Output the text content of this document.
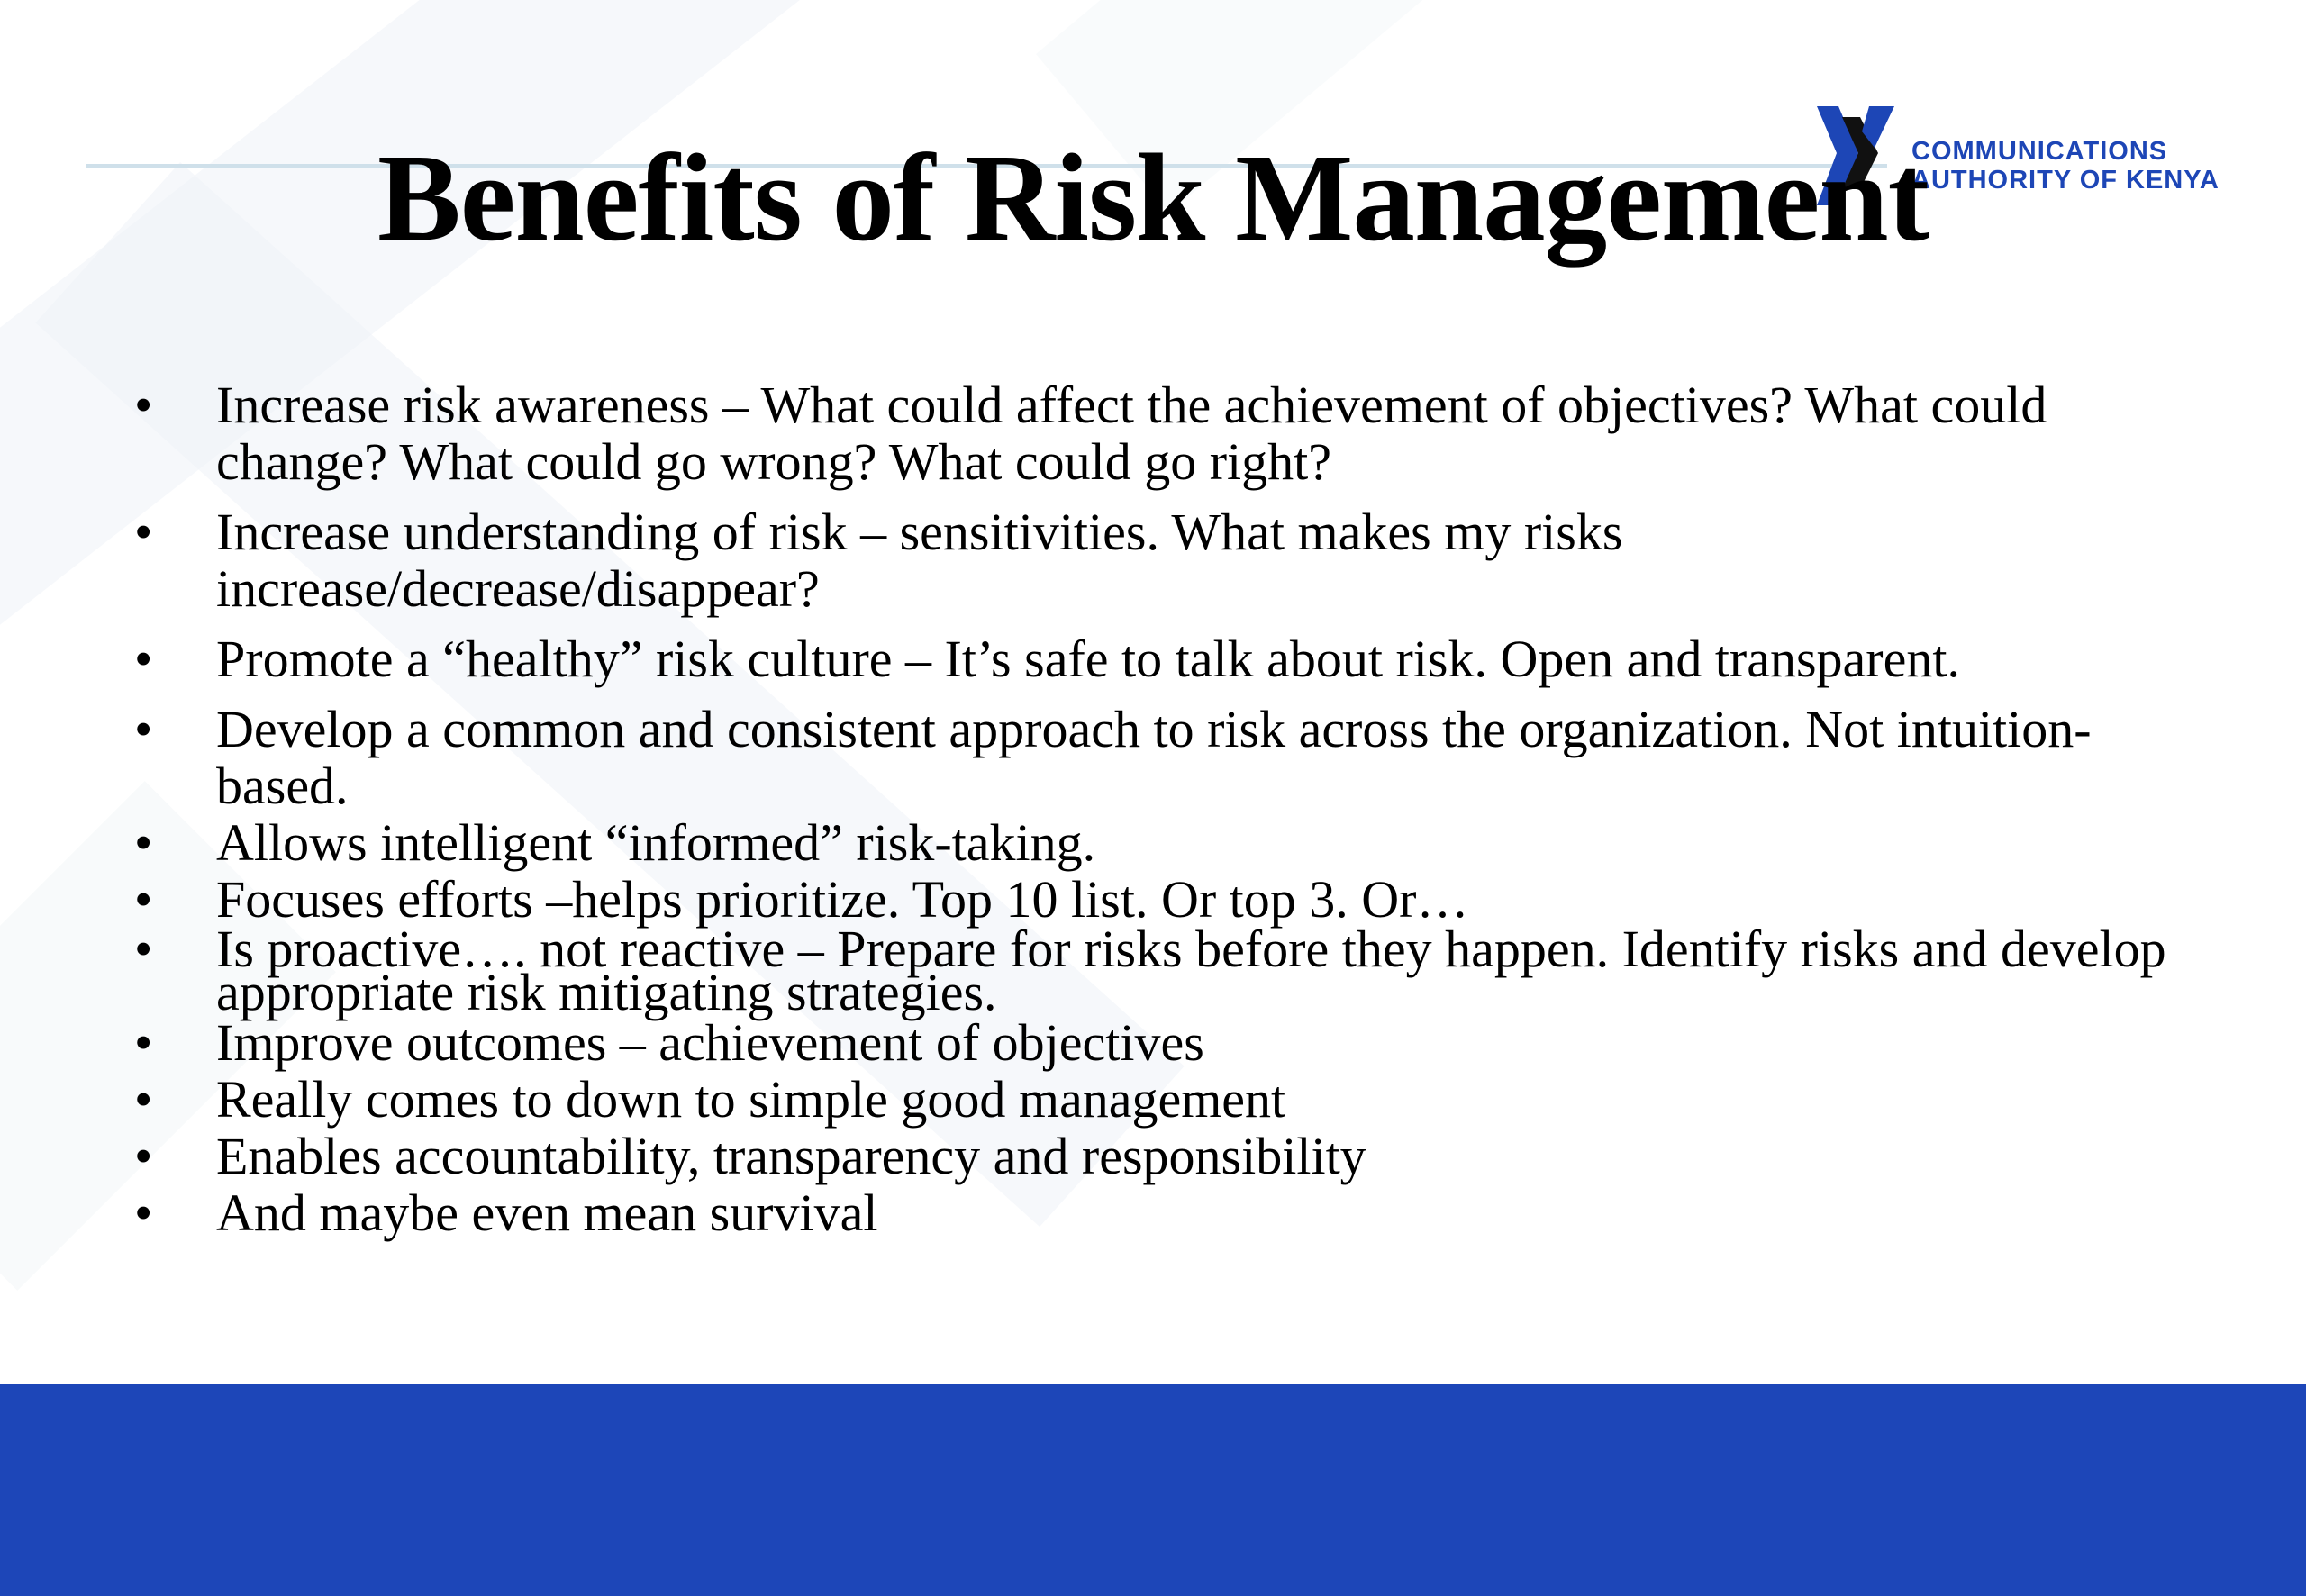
COMMUNICATIONS
AUTHORITY OF KENYA
Benefits of Risk Management
• Increase risk awareness – What could affect the achievement of objectives? What could change? What could go wrong? What could go right?
• Increase understanding of risk – sensitivities. What makes my risks increase/decrease/disappear?
• Promote a “healthy” risk culture – It’s safe to talk about risk. Open and transparent.
• Develop a common and consistent approach to risk across the organization. Not intuition-based.
• Allows intelligent “informed” risk-taking.
• Focuses efforts –helps prioritize. Top 10 list. Or top 3. Or…
• Is proactive…. not reactive – Prepare for risks before they happen. Identify risks and develop appropriate risk mitigating strategies.
• Improve outcomes – achievement of objectives
• Really comes to down to simple good management
• Enables accountability, transparency and responsibility
• And maybe even mean survival
